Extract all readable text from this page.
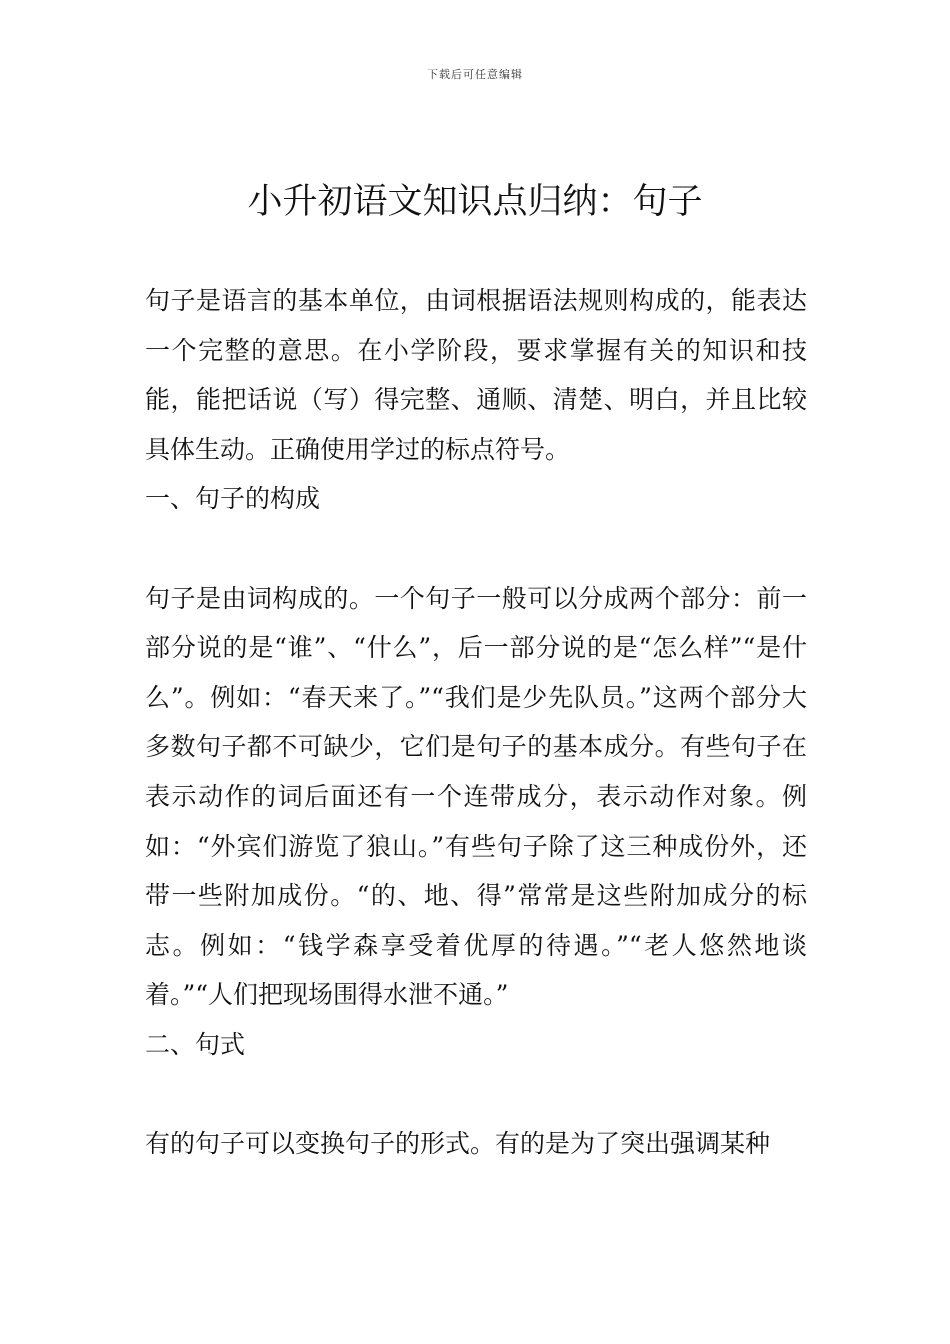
下载后可任意编辑
小升初语文知识点归纳：句子

句子是语言的基本单位，由词根据语法规则构成的，能表达一个完整的意思。在小学阶段，要求掌握有关的知识和技能，能把话说（写）得完整、通顺、清楚、明白，并且比较具体生动。正确使用学过的标点符号。

一、句子的构成

句子是由词构成的。一个句子一般可以分成两个部分：前一部分说的是“谁”、“什么”，后一部分说的是“怎么样”“是什么”。例如：“春天来了。”“我们是少先队员。”这两个部分大多数句子都不可缺少，它们是句子的基本成分。有些句子在表示动作的词后面还有一个连带成分，表示动作对象。例如：“外宾们游览了狼山。”有些句子除了这三种成份外，还带一些附加成份。“的、地、得”常常是这些附加成分的标志。例如：“钱学森享受着优厚的待遇。”“老人悠然地谈着。”“人们把现场围得水泄不通。”

二、句式

有的句子可以变换句子的形式。有的是为了突出强调某种
